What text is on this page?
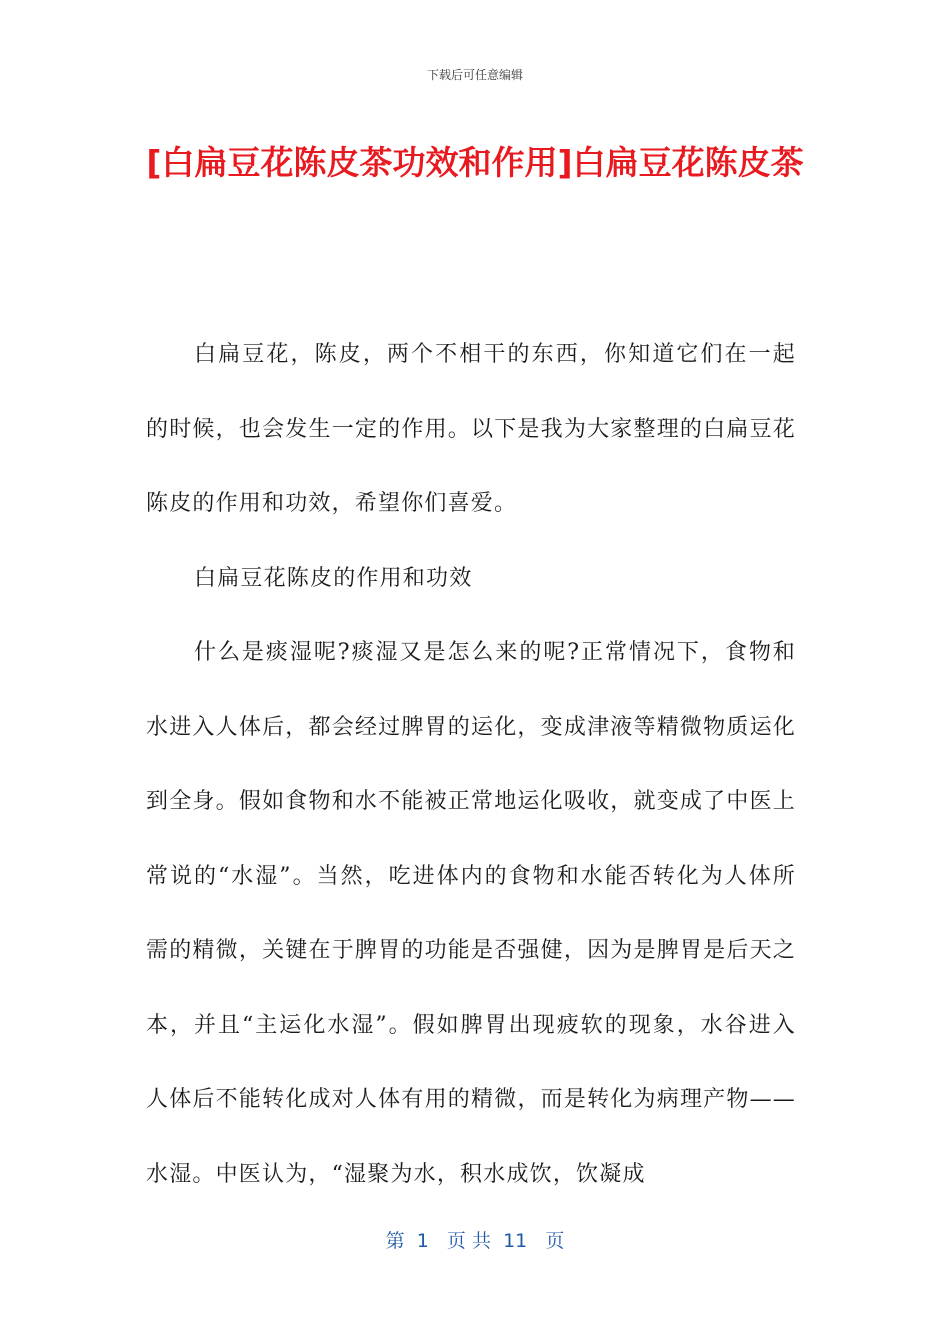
下载后可任意编辑
[白扁豆花陈皮茶功效和作用]白扁豆花陈皮茶

白扁豆花，陈皮，两个不相干的东西，你知道它们在一起的时候，也会发生一定的作用。以下是我为大家整理的白扁豆花陈皮的作用和功效，希望你们喜爱。

白扁豆花陈皮的作用和功效

什么是痰湿呢?痰湿又是怎么来的呢?正常情况下，食物和水进入人体后，都会经过脾胃的运化，变成津液等精微物质运化到全身。假如食物和水不能被正常地运化吸收，就变成了中医上常说的“水湿”。当然，吃进体内的食物和水能否转化为人体所需的精微，关键在于脾胃的功能是否强健，因为是脾胃是后天之本，并且“主运化水湿”。假如脾胃出现疲软的现象，水谷进入人体后不能转化成对人体有用的精微，而是转化为病理产物——水湿。中医认为，“湿聚为水，积水成饮，饮凝成

第  1   页 共  11   页
